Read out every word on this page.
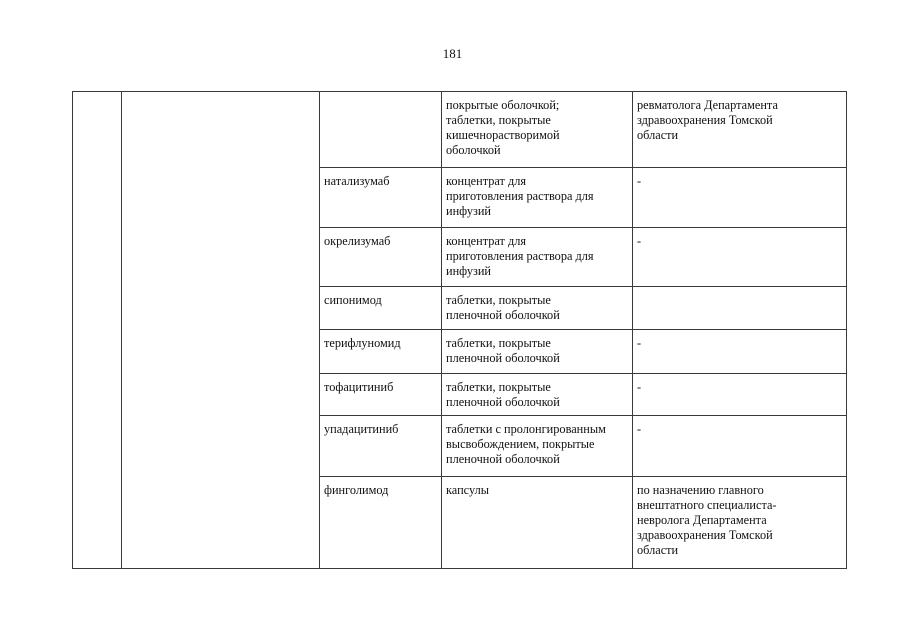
181
			покрытые оболочкой;
таблетки, покрытые
кишечнорастворимой
оболочкой	ревматолога Департамента
здравоохранения Томской
области
		натализумаб	концентрат для
приготовления раствора для
инфузий	-
		окрелизумаб	концентрат для
приготовления раствора для
инфузий	-
		сипонимод	таблетки, покрытые
пленочной оболочкой	
		терифлуномид	таблетки, покрытые
пленочной оболочкой	-
		тофацитиниб	таблетки, покрытые
пленочной оболочкой	-
		упадацитиниб	таблетки с пролонгированным
высвобождением, покрытые
пленочной оболочкой	-
		финголимод	капсулы	по назначению главного
внештатного специалиста-
невролога Департамента
здравоохранения Томской
области
